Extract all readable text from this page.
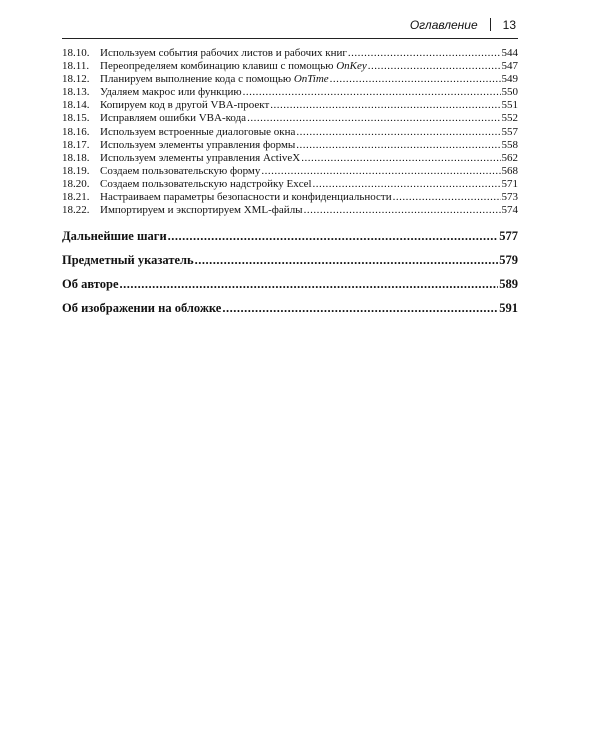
Оглавление 13
18.10. Используем события рабочих листов и рабочих книг .....	544
18.11. Переопределяем комбинацию клавиш с помощью OnKey .....	547
18.12. Планируем выполнение кода с помощью OnTime .....	549
18.13. Удаляем макрос или функцию .....	550
18.14. Копируем код в другой VBA-проект .....	551
18.15. Исправляем ошибки VBA-кода .....	552
18.16. Используем встроенные диалоговые окна .....	557
18.17. Используем элементы управления формы .....	558
18.18. Используем элементы управления ActiveX .....	562
18.19. Создаем пользовательскую форму .....	568
18.20. Создаем пользовательскую надстройку Excel .....	571
18.21. Настраиваем параметры безопасности и конфиденциальности .....	573
18.22. Импортируем и экспортируем XML-файлы .....	574
Дальнейшие шаги .....	577
Предметный указатель .....	579
Об авторе .....	589
Об изображении на обложке .....	591
